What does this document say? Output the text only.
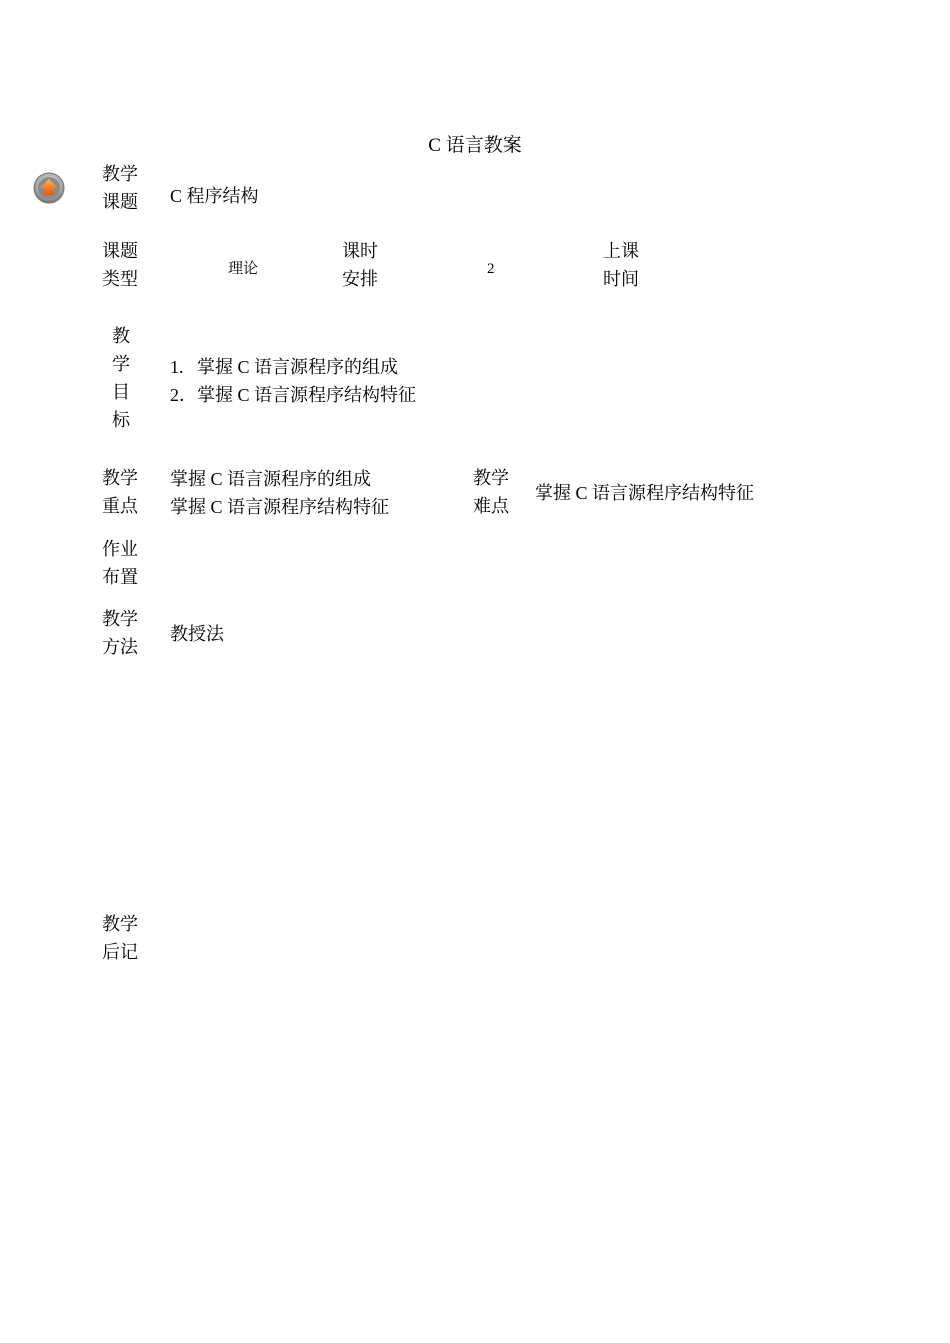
C 语言教案
教学
课题 C 程序结构
课题
类型	理论
课时
安排	2
上课
时间
教
学
目
标
1.   掌握 C 语言源程序的组成
2．掌握 C 语言源程序结构特征
教学
重点
掌握 C 语言源程序的组成
掌握 C 语言源程序结构特征
教学
难点
掌握 C 语言源程序结构特征
作业
布置
教学
方法
教授法
教学
后记
